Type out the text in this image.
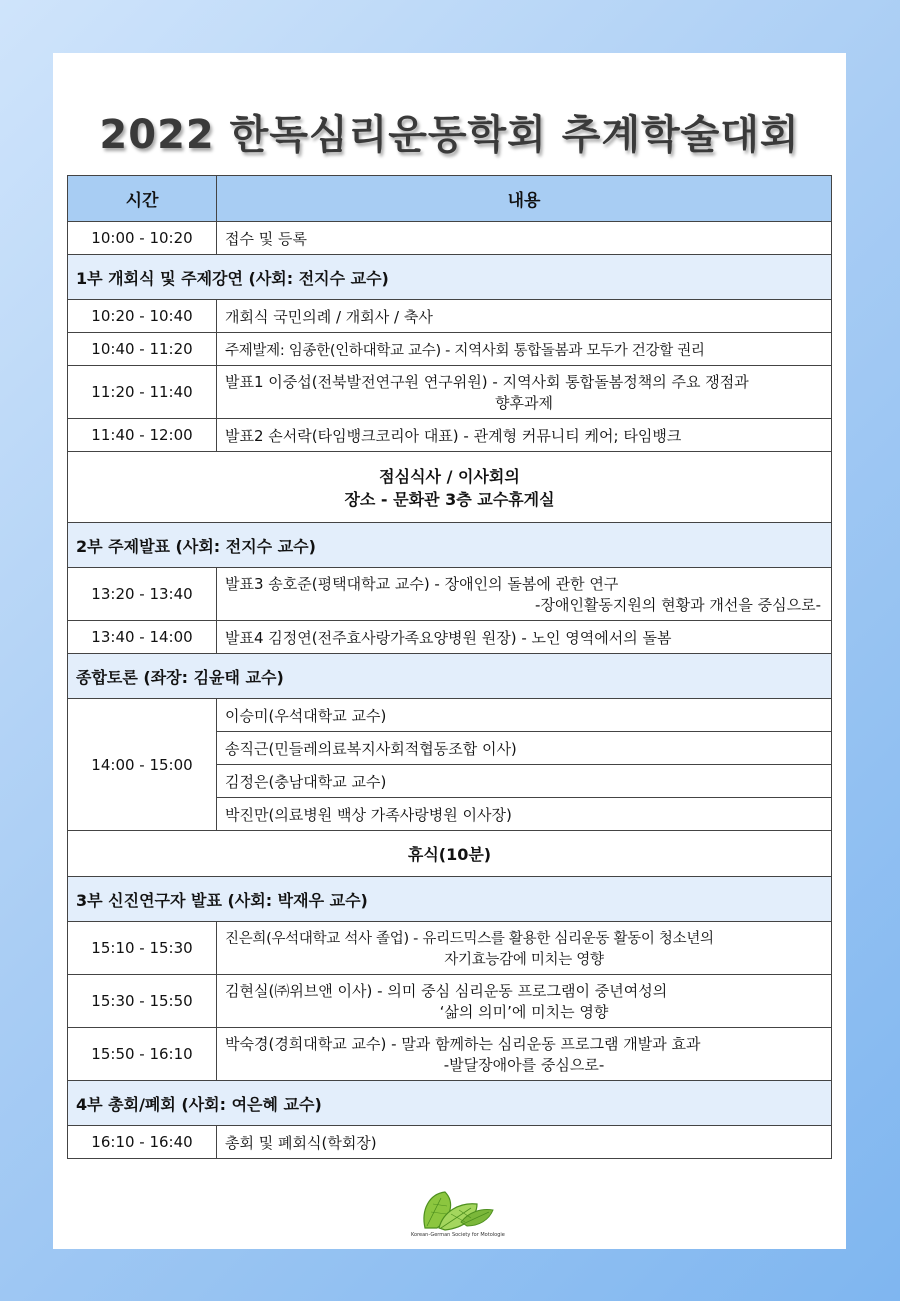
2022 한독심리운동학회 추계학술대회
시간	내용
10:00 - 10:20	접수 및 등록
1부 개회식 및 주제강연 (사회: 전지수 교수)	
10:20 - 10:40	개회식 국민의례 / 개회사 / 축사
10:40 - 11:20	주제발제: 임종한(인하대학교 교수) - 지역사회 통합돌봄과 모두가 건강할 권리
11:20 - 11:40	발표1 이중섭(전북발전연구원 연구위원) - 지역사회 통합돌봄정책의 주요 쟁점과
향후과제

11:40 - 12:00	발표2 손서락(타임뱅크코리아 대표) - 관계형 커뮤니티 케어; 타임뱅크

점심식사 / 이사회의
장소 - 문화관 3층 교수휴게실	

2부 주제발표 (사회: 전지수 교수)	
13:20 - 13:40	발표3 송호준(평택대학교 교수) - 장애인의 돌봄에 관한 연구
-장애인활동지원의 현황과 개선을 중심으로-

13:40 - 14:00	발표4 김정연(전주효사랑가족요양병원 원장) - 노인 영역에서의 돌봄
종합토론 (좌장: 김윤태 교수)	
14:00 - 15:00	이승미(우석대학교 교수)
	송직근(민들레의료복지사회적협동조합 이사)
	김정은(충남대학교 교수)
	박진만(의료병원 백상 가족사랑병원 이사장)
휴식(10분)	
3부 신진연구자 발표 (사회: 박재우 교수)	
15:10 - 15:30	진은희(우석대학교 석사 졸업) - 유리드믹스를 활용한 심리운동 활동이 청소년의
자기효능감에 미치는 영향

15:30 - 15:50	김현실(㈜위브앤 이사) - 의미 중심 심리운동 프로그램이 중년여성의
‘삶의 의미’에 미치는 영향

15:50 - 16:10	박숙경(경희대학교 교수) - 말과 함께하는 심리운동 프로그램 개발과 효과
-발달장애아를 중심으로-

4부 총회/폐회 (사회: 여은혜 교수)	
16:10 - 16:40	총회 및 폐회식(학회장)
Korean-German Society for Motologie
